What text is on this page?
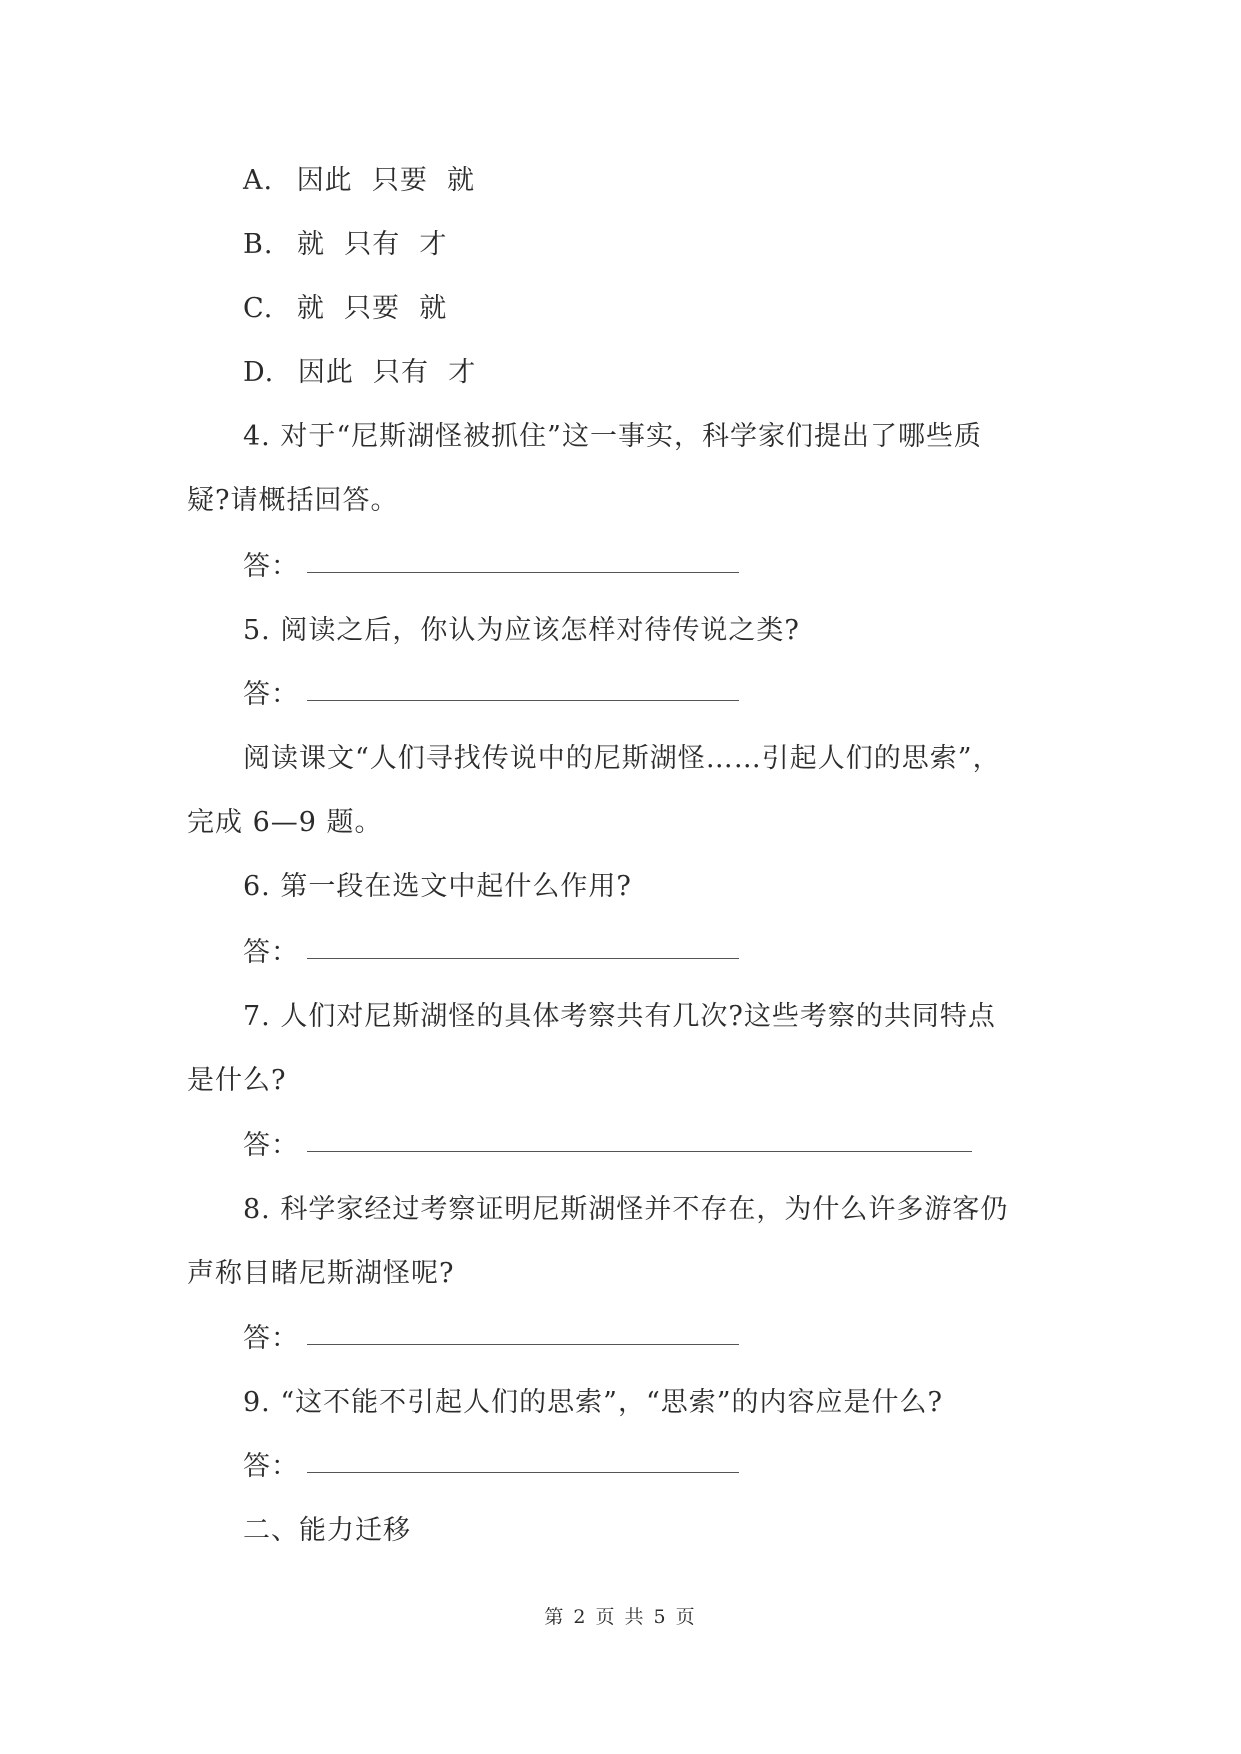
A. 因此  只要  就
B. 就  只有  才
C. 就  只要  就
D. 因此  只有  才
4. 对于“尼斯湖怪被抓住”这一事实，科学家们提出了哪些质
疑?请概括回答。
答：
5. 阅读之后，你认为应该怎样对待传说之类?
答：
阅读课文“人们寻找传说中的尼斯湖怪……引起人们的思索”，
完成 6—9 题。
6. 第一段在选文中起什么作用?
答：
7. 人们对尼斯湖怪的具体考察共有几次?这些考察的共同特点
是什么?
答：
8. 科学家经过考察证明尼斯湖怪并不存在，为什么许多游客仍
声称目睹尼斯湖怪呢?
答：
9. “这不能不引起人们的思索”，“思索”的内容应是什么?
答：
二、能力迁移
第 2 页 共 5 页
